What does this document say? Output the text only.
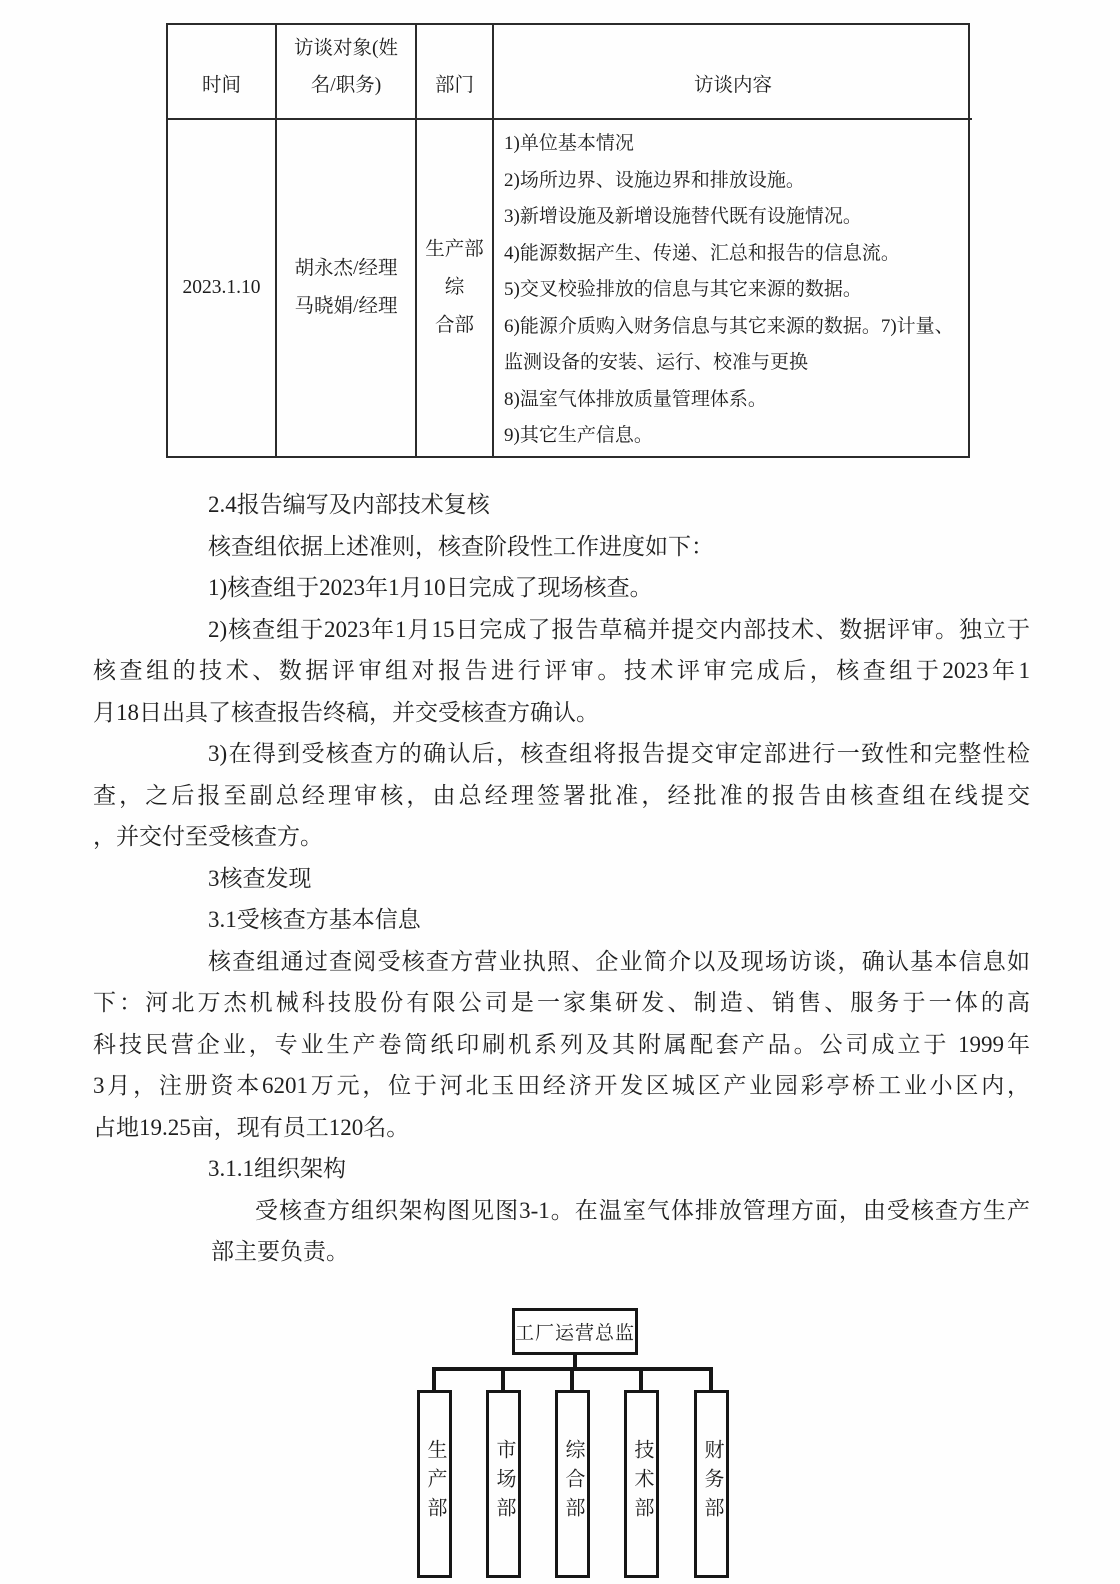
时间
访谈对象(姓
名/职务)	部门	访谈内容
2023.1.10
胡永杰/经理
马晓娟/经理
生产部综
合部

1)单位基本情况

2)场所边界、设施边界和排放设施。

3)新增设施及新增设施替代既有设施情况。

4)能源数据产生、传递、汇总和报告的信息流。

5)交叉校验排放的信息与其它来源的数据。

6)能源介质购入财务信息与其它来源的数据。7)计量、监测设备的安装、运行、校准与更换

8)温室气体排放质量管理体系。

9)其它生产信息。

2.4报告编写及内部技术复核
核查组依据上述准则，核查阶段性工作进度如下：
1)核查组于2023年1月10日完成了现场核查。
2)核查组于2023年1月15日完成了报告草稿并提交内部技术、数据评审。独立于
核查组的技术、数据评审组对报告进行评审。技术评审完成后，核查组于2023年1
月18日出具了核查报告终稿，并交受核查方确认。
3)在得到受核查方的确认后，核查组将报告提交审定部进行一致性和完整性检
查，之后报至副总经理审核，由总经理签署批准，经批准的报告由核查组在线提交
，并交付至受核查方。
3核查发现
3.1受核查方基本信息
核查组通过查阅受核查方营业执照、企业简介以及现场访谈，确认基本信息如
下：河北万杰机械科技股份有限公司是一家集研发、制造、销售、服务于一体的高
科技民营企业，专业生产卷筒纸印刷机系列及其附属配套产品。公司成立于 1999年
3月，注册资本6201万元，位于河北玉田经济开发区城区产业园彩亭桥工业小区内，
占地19.25亩，现有员工120名。
3.1.1组织架构
受核查方组织架构图见图3-1。在温室气体排放管理方面，由受核查方生产
部主要负责。
工厂运营总监
生产部 市场部 综合部 技术部 财务部
